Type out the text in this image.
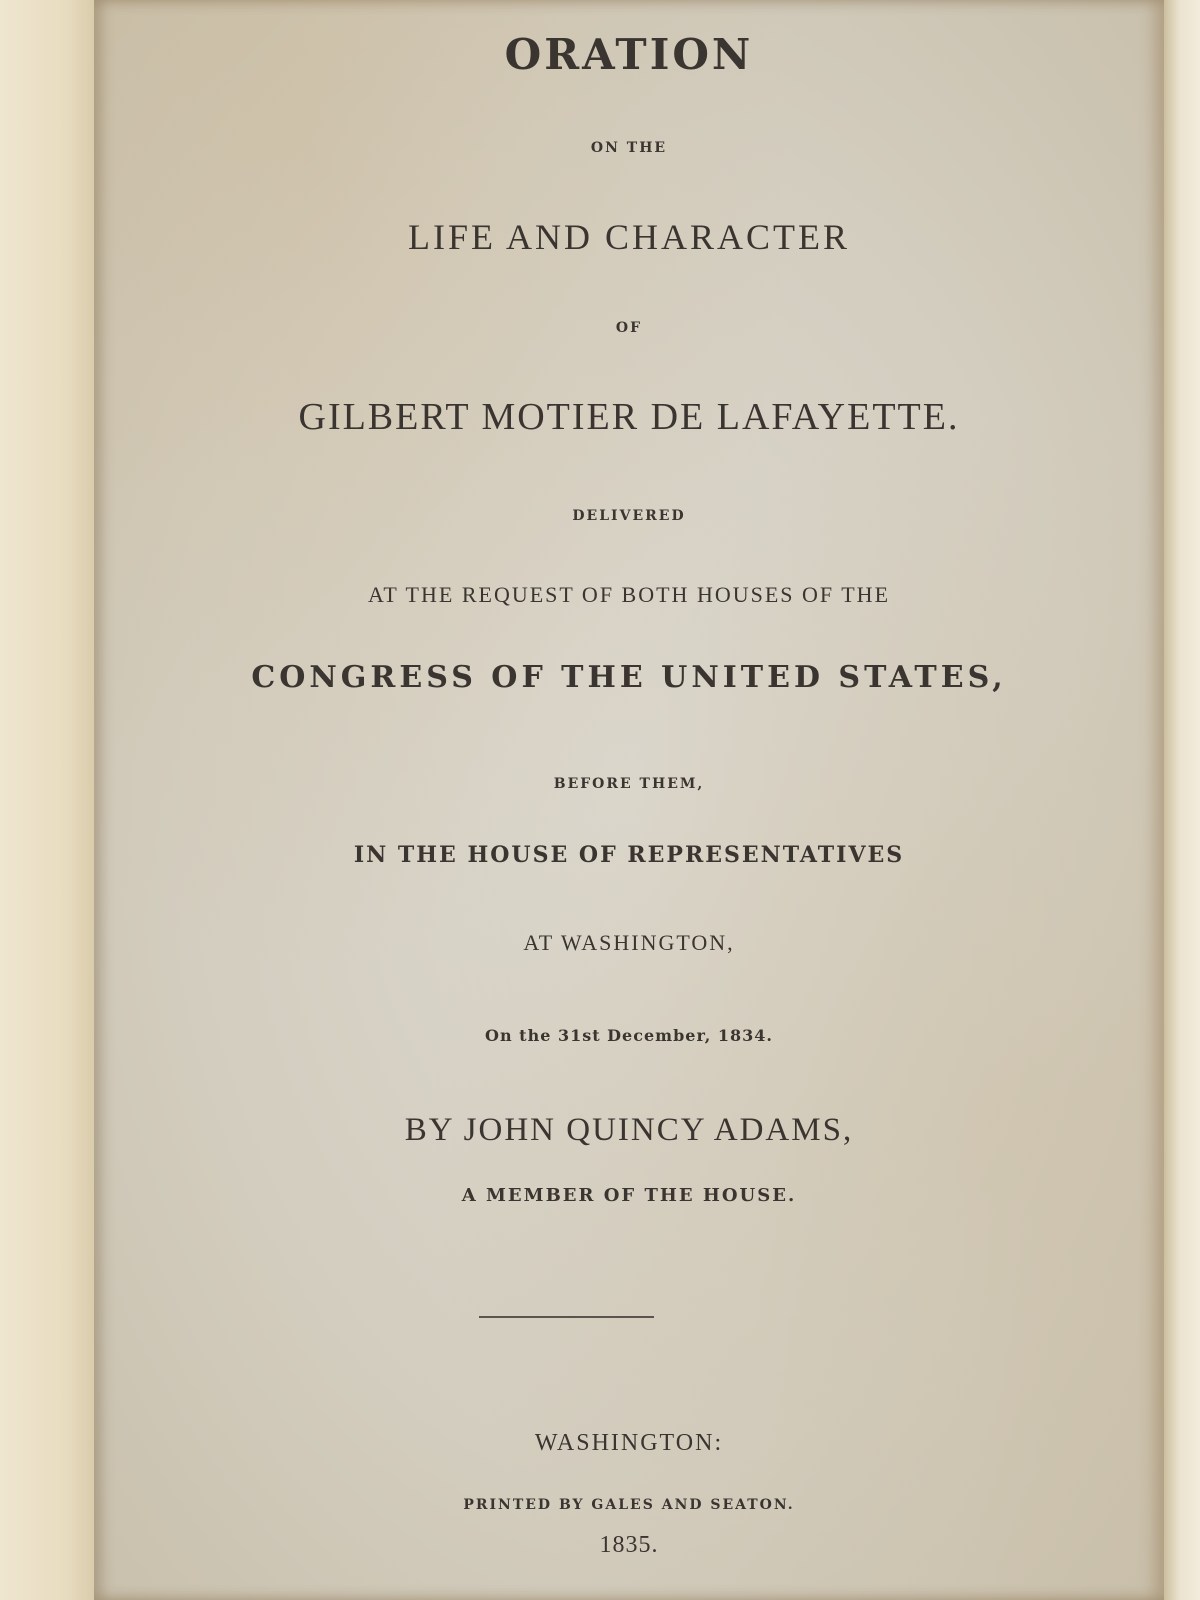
ORATION

ON THE

LIFE AND CHARACTER

OF

GILBERT MOTIER DE LAFAYETTE.

DELIVERED

AT THE REQUEST OF BOTH HOUSES OF THE

CONGRESS OF THE UNITED STATES,

BEFORE THEM,

IN THE HOUSE OF REPRESENTATIVES

AT WASHINGTON,

On the 31st December, 1834.

BY JOHN QUINCY ADAMS,

A MEMBER OF THE HOUSE.

WASHINGTON:

PRINTED BY GALES AND SEATON.

1835.
